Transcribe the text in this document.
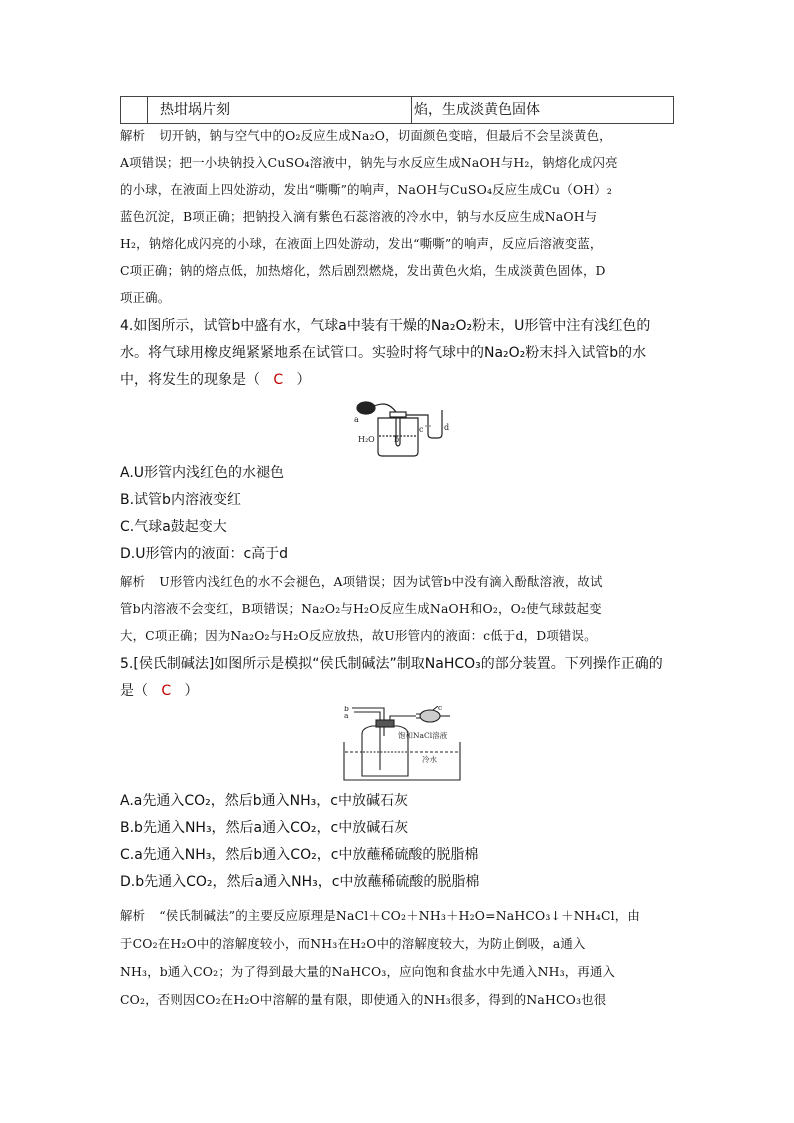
热坩埚片刻	焰，生成淡黄色固体
解析 切开钠，钠与空气中的O₂反应生成Na₂O，切面颜色变暗，但最后不会呈淡黄色，
A项错误；把一小块钠投入CuSO₄溶液中，钠先与水反应生成NaOH与H₂，钠熔化成闪亮
的小球，在液面上四处游动，发出“嘶嘶”的响声，NaOH与CuSO₄反应生成Cu（OH）₂
蓝色沉淀，B项正确；把钠投入滴有紫色石蕊溶液的冷水中，钠与水反应生成NaOH与
H₂，钠熔化成闪亮的小球，在液面上四处游动，发出“嘶嘶”的响声，反应后溶液变蓝，
C项正确；钠的熔点低，加热熔化，然后剧烈燃烧，发出黄色火焰，生成淡黄色固体，D
项正确。
4.如图所示，试管b中盛有水，气球a中装有干燥的Na₂O₂粉末，U形管中注有浅红色的
水。将气球用橡皮绳紧紧地系在试管口。实验时将气球中的Na₂O₂粉末抖入试管b的水
中，将发生的现象是（ C ）
a
b
c	d
H₂O
A.U形管内浅红色的水褪色
B.试管b内溶液变红
C.气球a鼓起变大
D.U形管内的液面：c高于d
解析 U形管内浅红色的水不会褪色，A项错误；因为试管b中没有滴入酚酞溶液，故试
管b内溶液不会变红，B项错误；Na₂O₂与H₂O反应生成NaOH和O₂，O₂使气球鼓起变
大，C项正确；因为Na₂O₂与H₂O反应放热，故U形管内的液面：c低于d，D项错误。
5.[侯氏制碱法]如图所示是模拟“侯氏制碱法”制取NaHCO₃的部分装置。下列操作正确的
是（ C ）
b
a
c
饱和NaCl溶液
冷水
A.a先通入CO₂，然后b通入NH₃，c中放碱石灰
B.b先通入NH₃，然后a通入CO₂，c中放碱石灰
C.a先通入NH₃，然后b通入CO₂，c中放蘸稀硫酸的脱脂棉
D.b先通入CO₂，然后a通入NH₃，c中放蘸稀硫酸的脱脂棉
解析 “侯氏制碱法”的主要反应原理是NaCl＋CO₂＋NH₃＋H₂O=NaHCO₃↓＋NH₄Cl，由
于CO₂在H₂O中的溶解度较小，而NH₃在H₂O中的溶解度较大，为防止倒吸，a通入
NH₃，b通入CO₂；为了得到最大量的NaHCO₃，应向饱和食盐水中先通入NH₃，再通入
CO₂，否则因CO₂在H₂O中溶解的量有限，即使通入的NH₃很多，得到的NaHCO₃也很
